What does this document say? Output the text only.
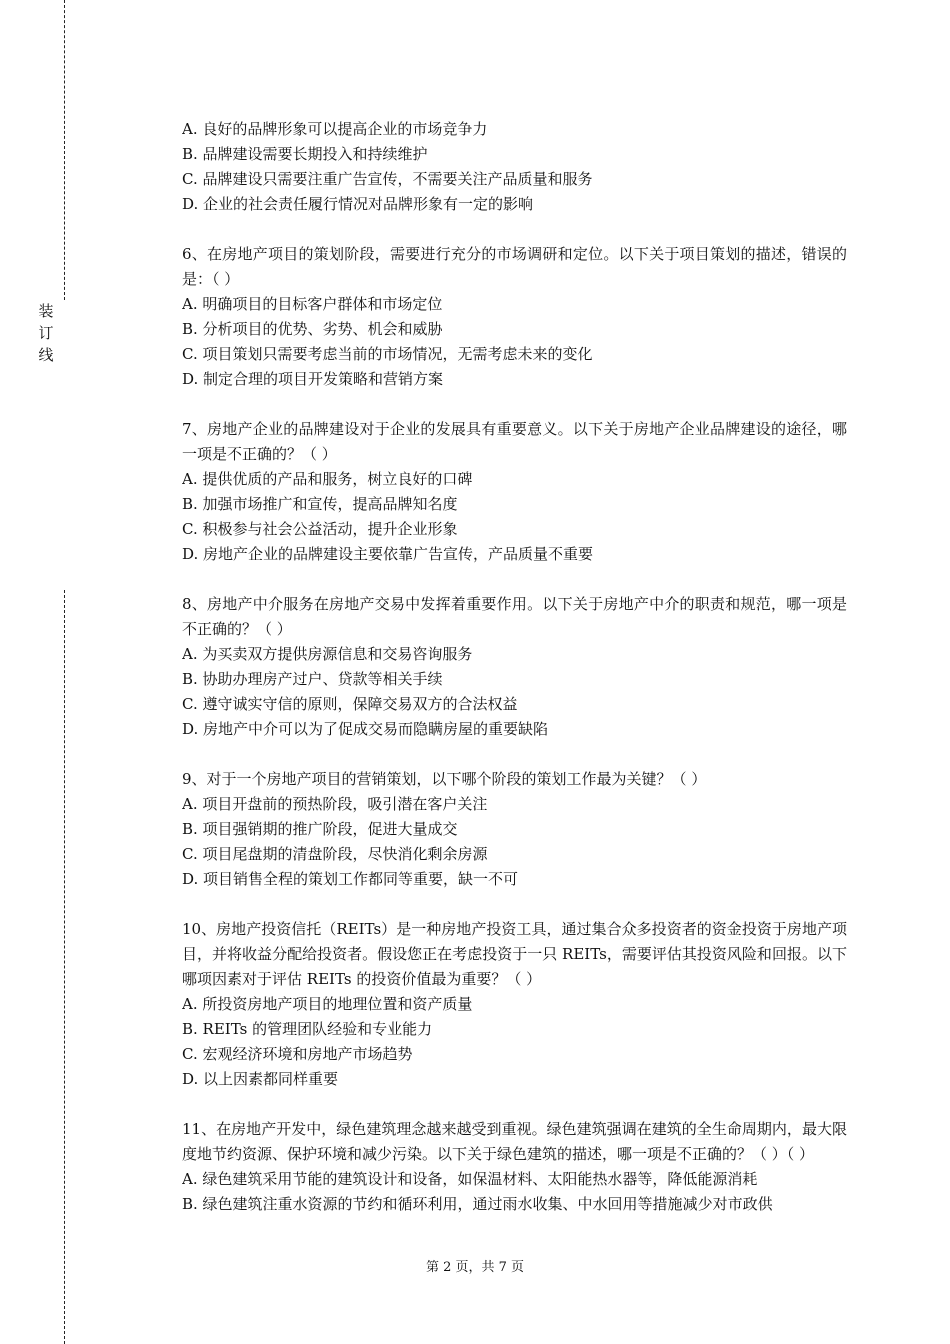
装
订
线

A. 良好的品牌形象可以提高企业的市场竞争力

B. 品牌建设需要长期投入和持续维护

C. 品牌建设只需要注重广告宣传，不需要关注产品质量和服务

D. 企业的社会责任履行情况对品牌形象有一定的影响

6、在房地产项目的策划阶段，需要进行充分的市场调研和定位。以下关于项目策划的描述，错误的是：（ ）

A. 明确项目的目标客户群体和市场定位

B. 分析项目的优势、劣势、机会和威胁

C. 项目策划只需要考虑当前的市场情况，无需考虑未来的变化

D. 制定合理的项目开发策略和营销方案

7、房地产企业的品牌建设对于企业的发展具有重要意义。以下关于房地产企业品牌建设的途径，哪一项是不正确的？（ ）

A. 提供优质的产品和服务，树立良好的口碑

B. 加强市场推广和宣传，提高品牌知名度

C. 积极参与社会公益活动，提升企业形象

D. 房地产企业的品牌建设主要依靠广告宣传，产品质量不重要

8、房地产中介服务在房地产交易中发挥着重要作用。以下关于房地产中介的职责和规范，哪一项是不正确的？（ ）

A. 为买卖双方提供房源信息和交易咨询服务

B. 协助办理房产过户、贷款等相关手续

C. 遵守诚实守信的原则，保障交易双方的合法权益

D. 房地产中介可以为了促成交易而隐瞒房屋的重要缺陷

9、对于一个房地产项目的营销策划，以下哪个阶段的策划工作最为关键？（ ）

A. 项目开盘前的预热阶段，吸引潜在客户关注

B. 项目强销期的推广阶段，促进大量成交

C. 项目尾盘期的清盘阶段，尽快消化剩余房源

D. 项目销售全程的策划工作都同等重要，缺一不可

10、房地产投资信托（REITs）是一种房地产投资工具，通过集合众多投资者的资金投资于房地产项目，并将收益分配给投资者。假设您正在考虑投资于一只 REITs，需要评估其投资风险和回报。以下哪项因素对于评估 REITs 的投资价值最为重要？（ ）

A. 所投资房地产项目的地理位置和资产质量

B. REITs 的管理团队经验和专业能力

C. 宏观经济环境和房地产市场趋势

D. 以上因素都同样重要

11、在房地产开发中，绿色建筑理念越来越受到重视。绿色建筑强调在建筑的全生命周期内，最大限度地节约资源、保护环境和减少污染。以下关于绿色建筑的描述，哪一项是不正确的？（ ）（ ）

A. 绿色建筑采用节能的建筑设计和设备，如保温材料、太阳能热水器等，降低能源消耗

B. 绿色建筑注重水资源的节约和循环利用，通过雨水收集、中水回用等措施减少对市政供

第 2 页，共 7 页
